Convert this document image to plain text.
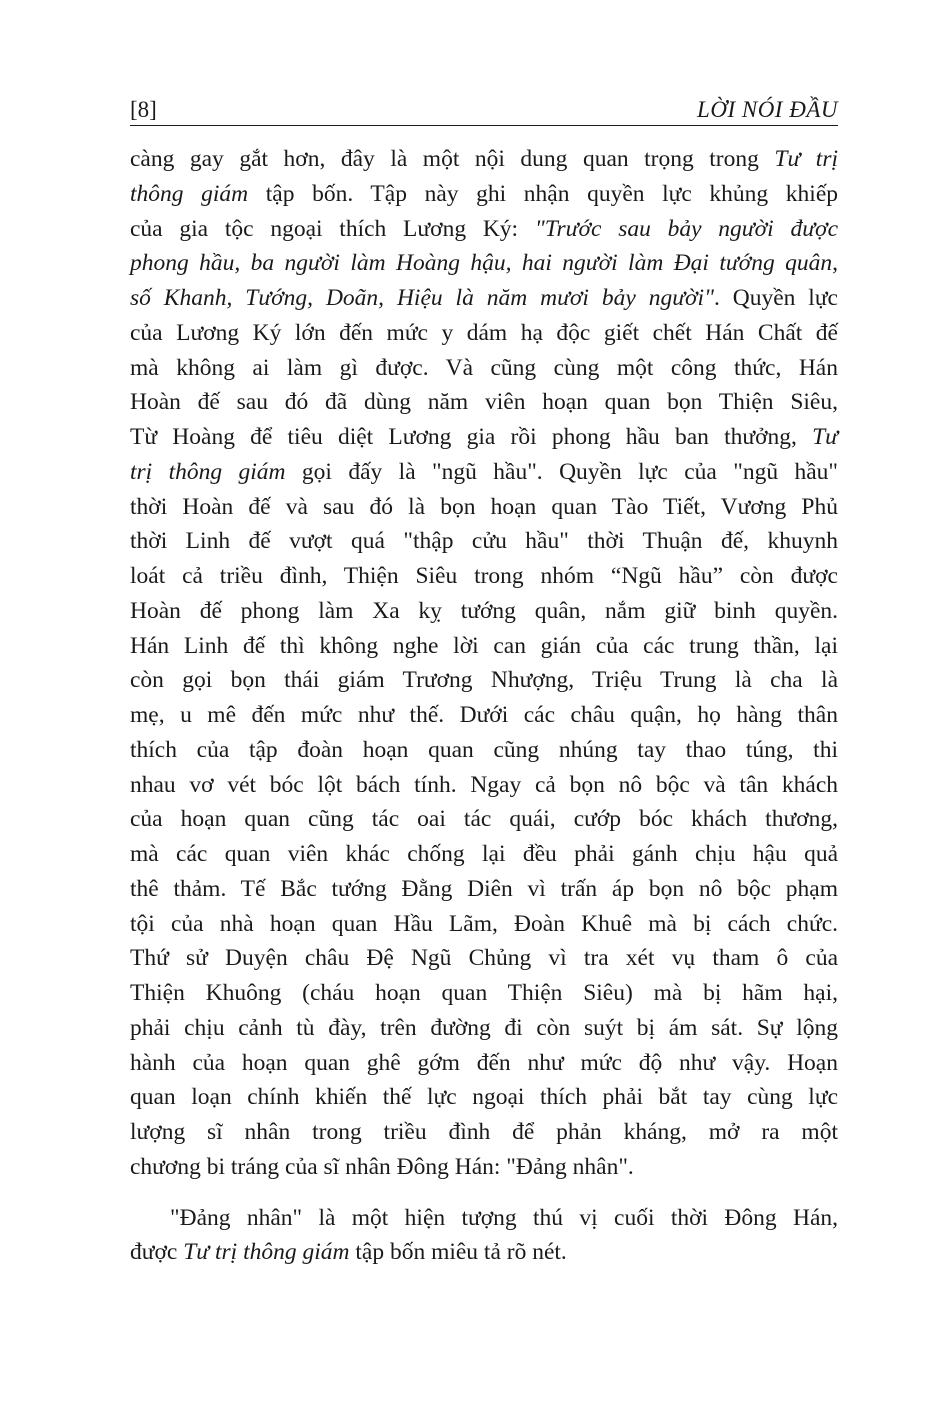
[8]	LỜI NÓI ĐẦU

càng gay gắt hơn, đây là một nội dung quan trọng trong Tư trị
thông giám tập bốn. Tập này ghi nhận quyền lực khủng khiếp
của gia tộc ngoại thích Lương Ký: "Trước sau bảy người được
phong hầu, ba người làm Hoàng hậu, hai người làm Đại tướng quân,
số Khanh, Tướng, Doãn, Hiệu là năm mươi bảy người". Quyền lực
của Lương Ký lớn đến mức y dám hạ độc giết chết Hán Chất đế
mà không ai làm gì được. Và cũng cùng một công thức, Hán
Hoàn đế sau đó đã dùng năm viên hoạn quan bọn Thiện Siêu,
Từ Hoàng để tiêu diệt Lương gia rồi phong hầu ban thưởng, Tư
trị thông giám gọi đấy là "ngũ hầu". Quyền lực của "ngũ hầu"
thời Hoàn đế và sau đó là bọn hoạn quan Tào Tiết, Vương Phủ
thời Linh đế vượt quá "thập cửu hầu" thời Thuận đế, khuynh
loát cả triều đình, Thiện Siêu trong nhóm “Ngũ hầu” còn được
Hoàn đế phong làm Xa kỵ tướng quân, nắm giữ binh quyền.
Hán Linh đế thì không nghe lời can gián của các trung thần, lại
còn gọi bọn thái giám Trương Nhượng, Triệu Trung là cha là
mẹ, u mê đến mức như thế. Dưới các châu quận, họ hàng thân
thích của tập đoàn hoạn quan cũng nhúng tay thao túng, thi
nhau vơ vét bóc lột bách tính. Ngay cả bọn nô bộc và tân khách
của hoạn quan cũng tác oai tác quái, cướp bóc khách thương,
mà các quan viên khác chống lại đều phải gánh chịu hậu quả
thê thảm. Tế Bắc tướng Đằng Diên vì trấn áp bọn nô bộc phạm
tội của nhà hoạn quan Hầu Lãm, Đoàn Khuê mà bị cách chức.
Thứ sử Duyện châu Đệ Ngũ Chủng vì tra xét vụ tham ô của
Thiện Khuông (cháu hoạn quan Thiện Siêu) mà bị hãm hại,
phải chịu cảnh tù đày, trên đường đi còn suýt bị ám sát. Sự lộng
hành của hoạn quan ghê gớm đến như mức độ như vậy. Hoạn
quan loạn chính khiến thế lực ngoại thích phải bắt tay cùng lực
lượng sĩ nhân trong triều đình để phản kháng, mở ra một
chương bi tráng của sĩ nhân Đông Hán: "Đảng nhân".

"Đảng nhân" là một hiện tượng thú vị cuối thời Đông Hán,
được Tư trị thông giám tập bốn miêu tả rõ nét.
